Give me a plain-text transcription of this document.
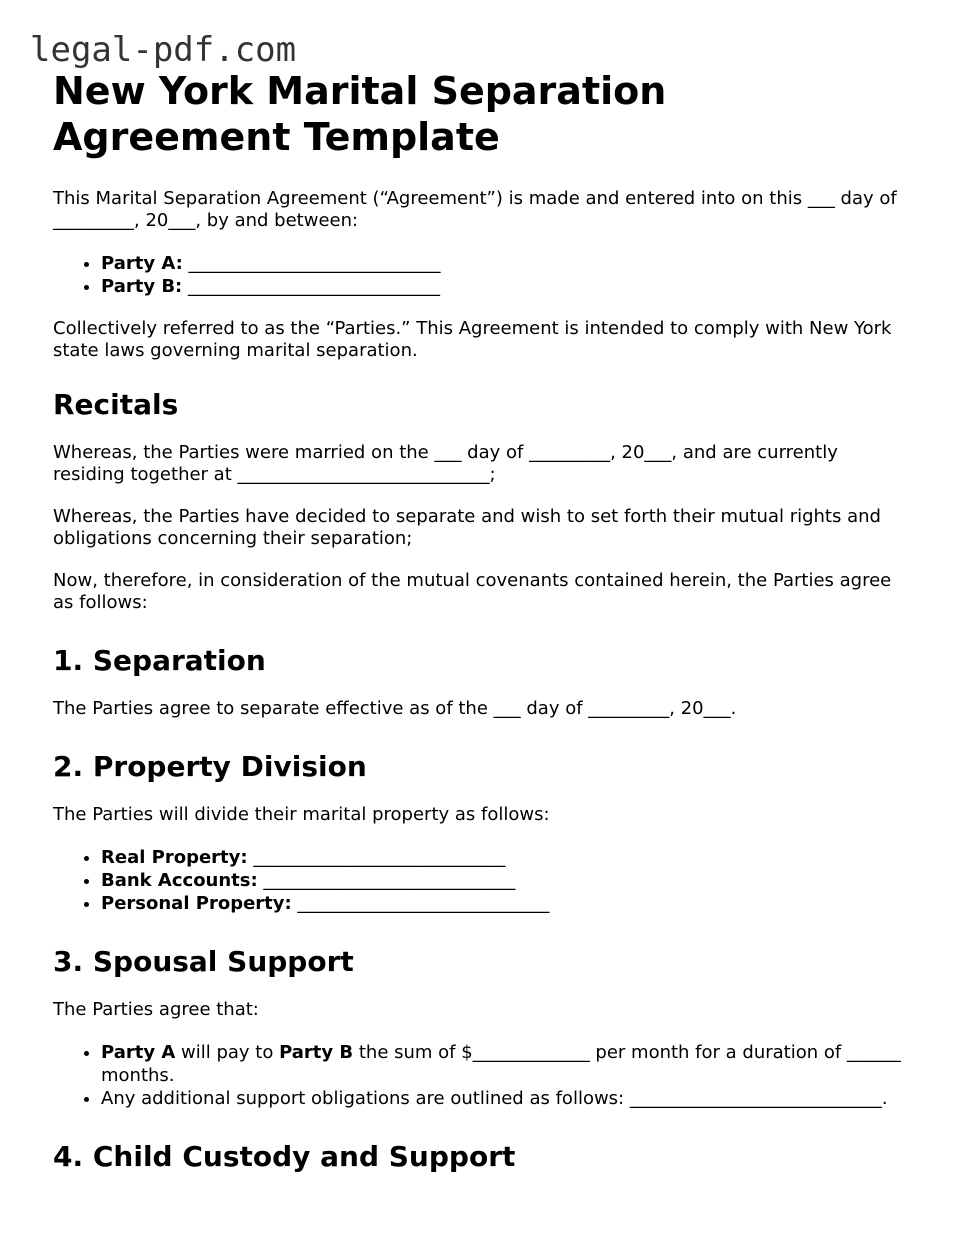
legal-pdf.com
New York Marital Separation Agreement Template

This Marital Separation Agreement (“Agreement”) is made and entered into on this ___ day of _________, 20___, by and between:

• Party A: ____________________________
• Party B: ____________________________

Collectively referred to as the “Parties.” This Agreement is intended to comply with New York state laws governing marital separation.

Recitals

Whereas, the Parties were married on the ___ day of _________, 20___, and are currently residing together at ____________________________;

Whereas, the Parties have decided to separate and wish to set forth their mutual rights and obligations concerning their separation;

Now, therefore, in consideration of the mutual covenants contained herein, the Parties agree as follows:

1. Separation

The Parties agree to separate effective as of the ___ day of _________, 20___.

2. Property Division

The Parties will divide their marital property as follows:

• Real Property: ____________________________
• Bank Accounts: ____________________________
• Personal Property: ____________________________
3. Spousal Support

The Parties agree that:

• Party A will pay to Party B the sum of $_____________ per month for a duration of ______ months.
• Any additional support obligations are outlined as follows: ____________________________.
4. Child Custody and Support
